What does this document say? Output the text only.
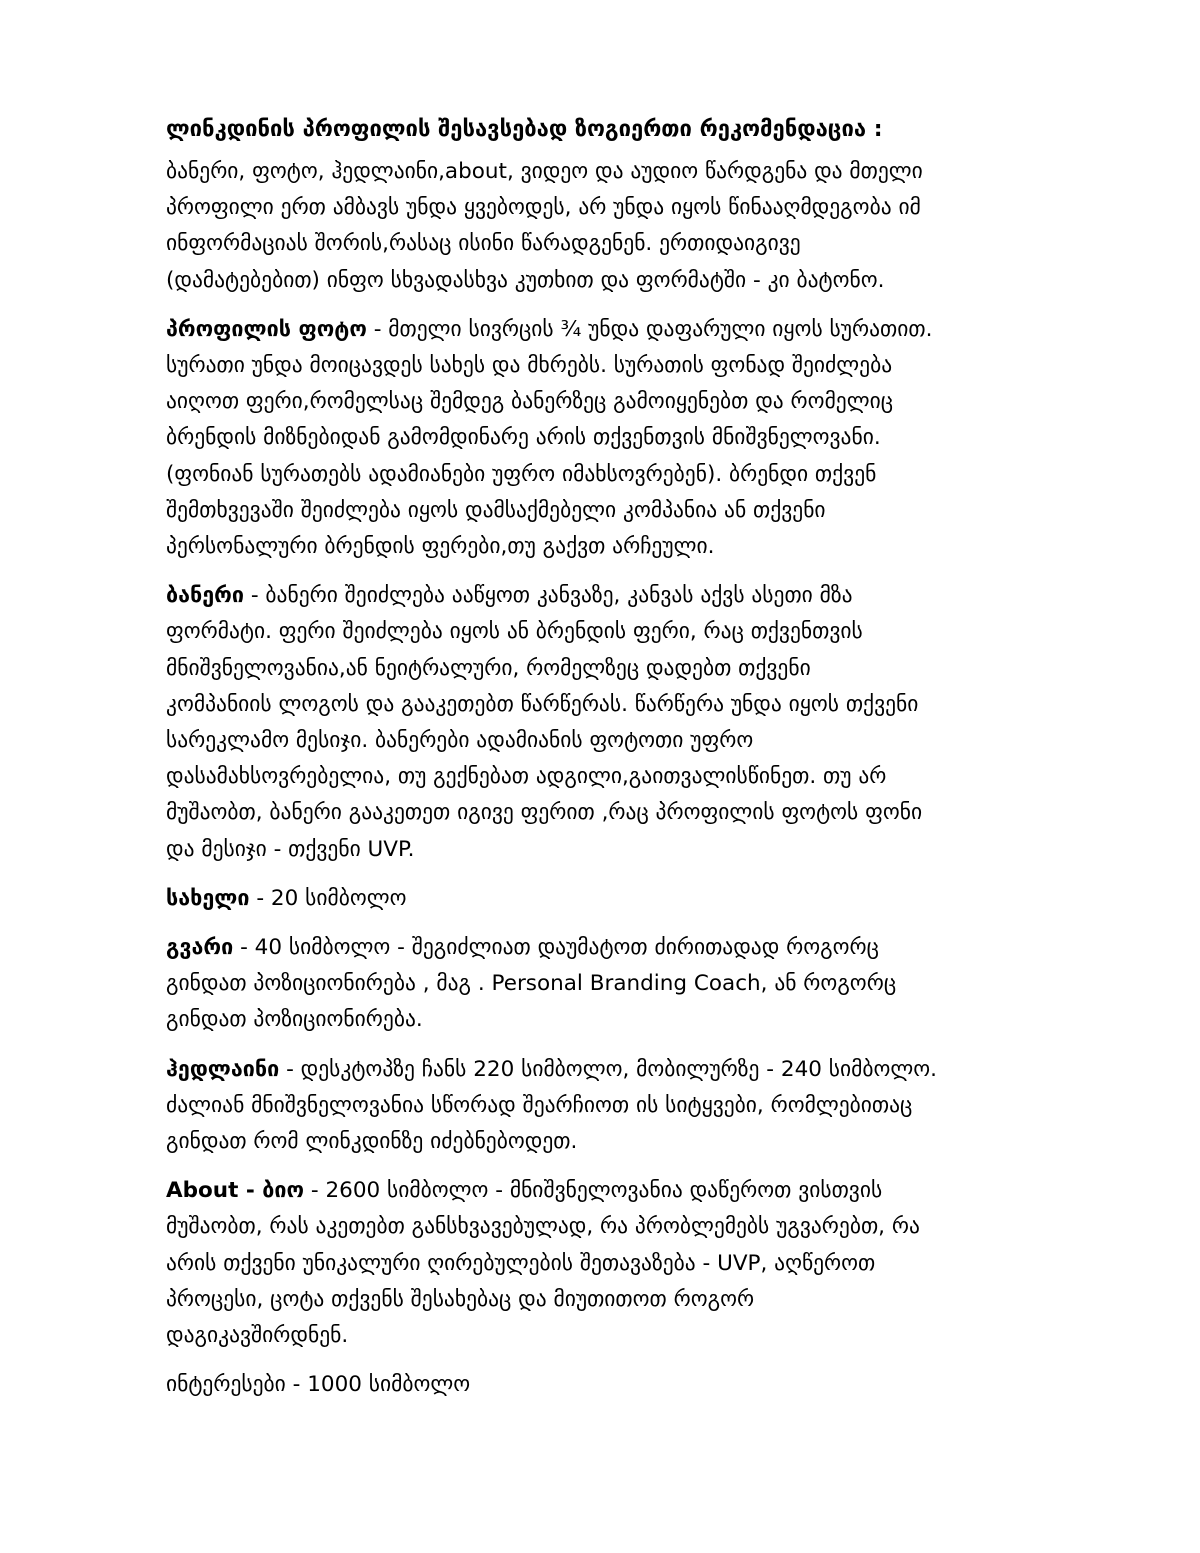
ლინკდინის პროფილის შესავსებად ზოგიერთი რეკომენდაცია :
ბანერი, ფოტო, ჰედლაინი,about, ვიდეო და აუდიო წარდგენა და მთელი
პროფილი ერთ ამბავს უნდა ყვებოდეს, არ უნდა იყოს წინააღმდეგობა იმ
ინფორმაციას შორის,რასაც ისინი წარადგენენ. ერთიდაიგივე
(დამატებებით) ინფო სხვადასხვა კუთხით და ფორმატში - კი ბატონო.
პროფილის ფოტო - მთელი სივრცის ¾ უნდა დაფარული იყოს სურათით.
სურათი უნდა მოიცავდეს სახეს და მხრებს. სურათის ფონად შეიძლება
აიღოთ ფერი,რომელსაც შემდეგ ბანერზეც გამოიყენებთ და რომელიც
ბრენდის მიზნებიდან გამომდინარე არის თქვენთვის მნიშვნელოვანი.
(ფონიან სურათებს ადამიანები უფრო იმახსოვრებენ). ბრენდი თქვენ
შემთხვევაში შეიძლება იყოს დამსაქმებელი კომპანია ან თქვენი
პერსონალური ბრენდის ფერები,თუ გაქვთ არჩეული.
ბანერი - ბანერი შეიძლება ააწყოთ კანვაზე, კანვას აქვს ასეთი მზა
ფორმატი. ფერი შეიძლება იყოს ან ბრენდის ფერი, რაც თქვენთვის
მნიშვნელოვანია,ან ნეიტრალური, რომელზეც დადებთ თქვენი
კომპანიის ლოგოს და გააკეთებთ წარწერას. წარწერა უნდა იყოს თქვენი
სარეკლამო მესიჯი. ბანერები ადამიანის ფოტოთი უფრო
დასამახსოვრებელია, თუ გექნებათ ადგილი,გაითვალისწინეთ. თუ არ
მუშაობთ, ბანერი გააკეთეთ იგივე ფერით ,რაც პროფილის ფოტოს ფონი
და მესიჯი - თქვენი UVP.
სახელი - 20 სიმბოლო
გვარი - 40 სიმბოლო - შეგიძლიათ დაუმატოთ ძირითადად როგორც
გინდათ პოზიციონირება , მაგ . Personal Branding Coach, ან როგორც
გინდათ პოზიციონირება.
ჰედლაინი - დესკტოპზე ჩანს 220 სიმბოლო, მობილურზე - 240 სიმბოლო.
ძალიან მნიშვნელოვანია სწორად შეარჩიოთ ის სიტყვები, რომლებითაც
გინდათ რომ ლინკდინზე იძებნებოდეთ.
About - ბიო - 2600 სიმბოლო - მნიშვნელოვანია დაწეროთ ვისთვის
მუშაობთ, რას აკეთებთ განსხვავებულად, რა პრობლემებს უგვარებთ, რა
არის თქვენი უნიკალური ღირებულების შეთავაზება - UVP, აღწეროთ
პროცესი, ცოტა თქვენს შესახებაც და მიუთითოთ როგორ
დაგიკავშირდნენ.
ინტერესები - 1000 სიმბოლო
